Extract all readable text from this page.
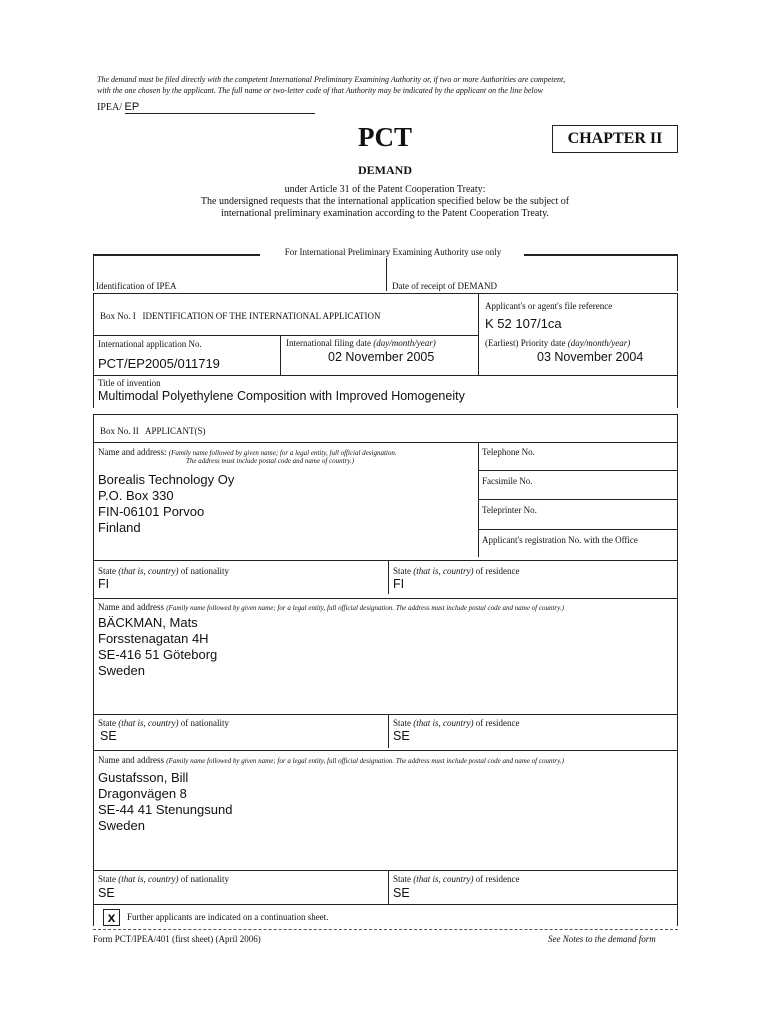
The demand must be filed directly with the competent International Preliminary Examining Authority or, if two or more Authorities are competent,
with the one chosen by the applicant. The full name or two-letter code of that Authority may be indicated by the applicant on the line below
IPEA/ EP
PCT	CHAPTER II
DEMAND
under Article 31 of the Patent Cooperation Treaty:
The undersigned requests that the international application specified below be the subject of
international preliminary examination according to the Patent Cooperation Treaty.
For International Preliminary Examining Authority use only
Identification of IPEA	Date of receipt of DEMAND
Box No. I   IDENTIFICATION OF THE INTERNATIONAL APPLICATION
Applicant's or agent's file reference
K 52 107/1ca
International application No.
PCT/EP2005/011719
International filing date (day/month/year)
02 November 2005
(Earliest) Priority date (day/month/year)
03 November 2004
Title of invention
Multimodal Polyethylene Composition with Improved Homogeneity
Box No. II   APPLICANT(S)
Name and address: (Family name followed by given name; for a legal entity, full official designation.
The address must include postal code and name of country.)
Borealis Technology Oy
P.O. Box 330
FIN-06101 Porvoo
Finland
Telephone No.
Facsimile No.
Teleprinter No.
Applicant's registration No. with the Office
State (that is, country) of nationality
FI
State (that is, country) of residence
FI
Name and address (Family name followed by given name; for a legal entity, full official designation. The address must include postal code and name of country.)
BÄCKMAN, Mats
Forsstenagatan 4H
SE-416 51 Göteborg
Sweden
State (that is, country) of nationality
SE
State (that is, country) of residence
SE
Name and address (Family name followed by given name; for a legal entity, full official designation. The address must include postal code and name of country.)
Gustafsson, Bill
Dragonvägen 8
SE-44 41 Stenungsund
Sweden
State (that is, country) of nationality
SE
State (that is, country) of residence
SE
x	Further applicants are indicated on a continuation sheet.
Form PCT/IPEA/401 (first sheet) (April 2006)	See Notes to the demand form
